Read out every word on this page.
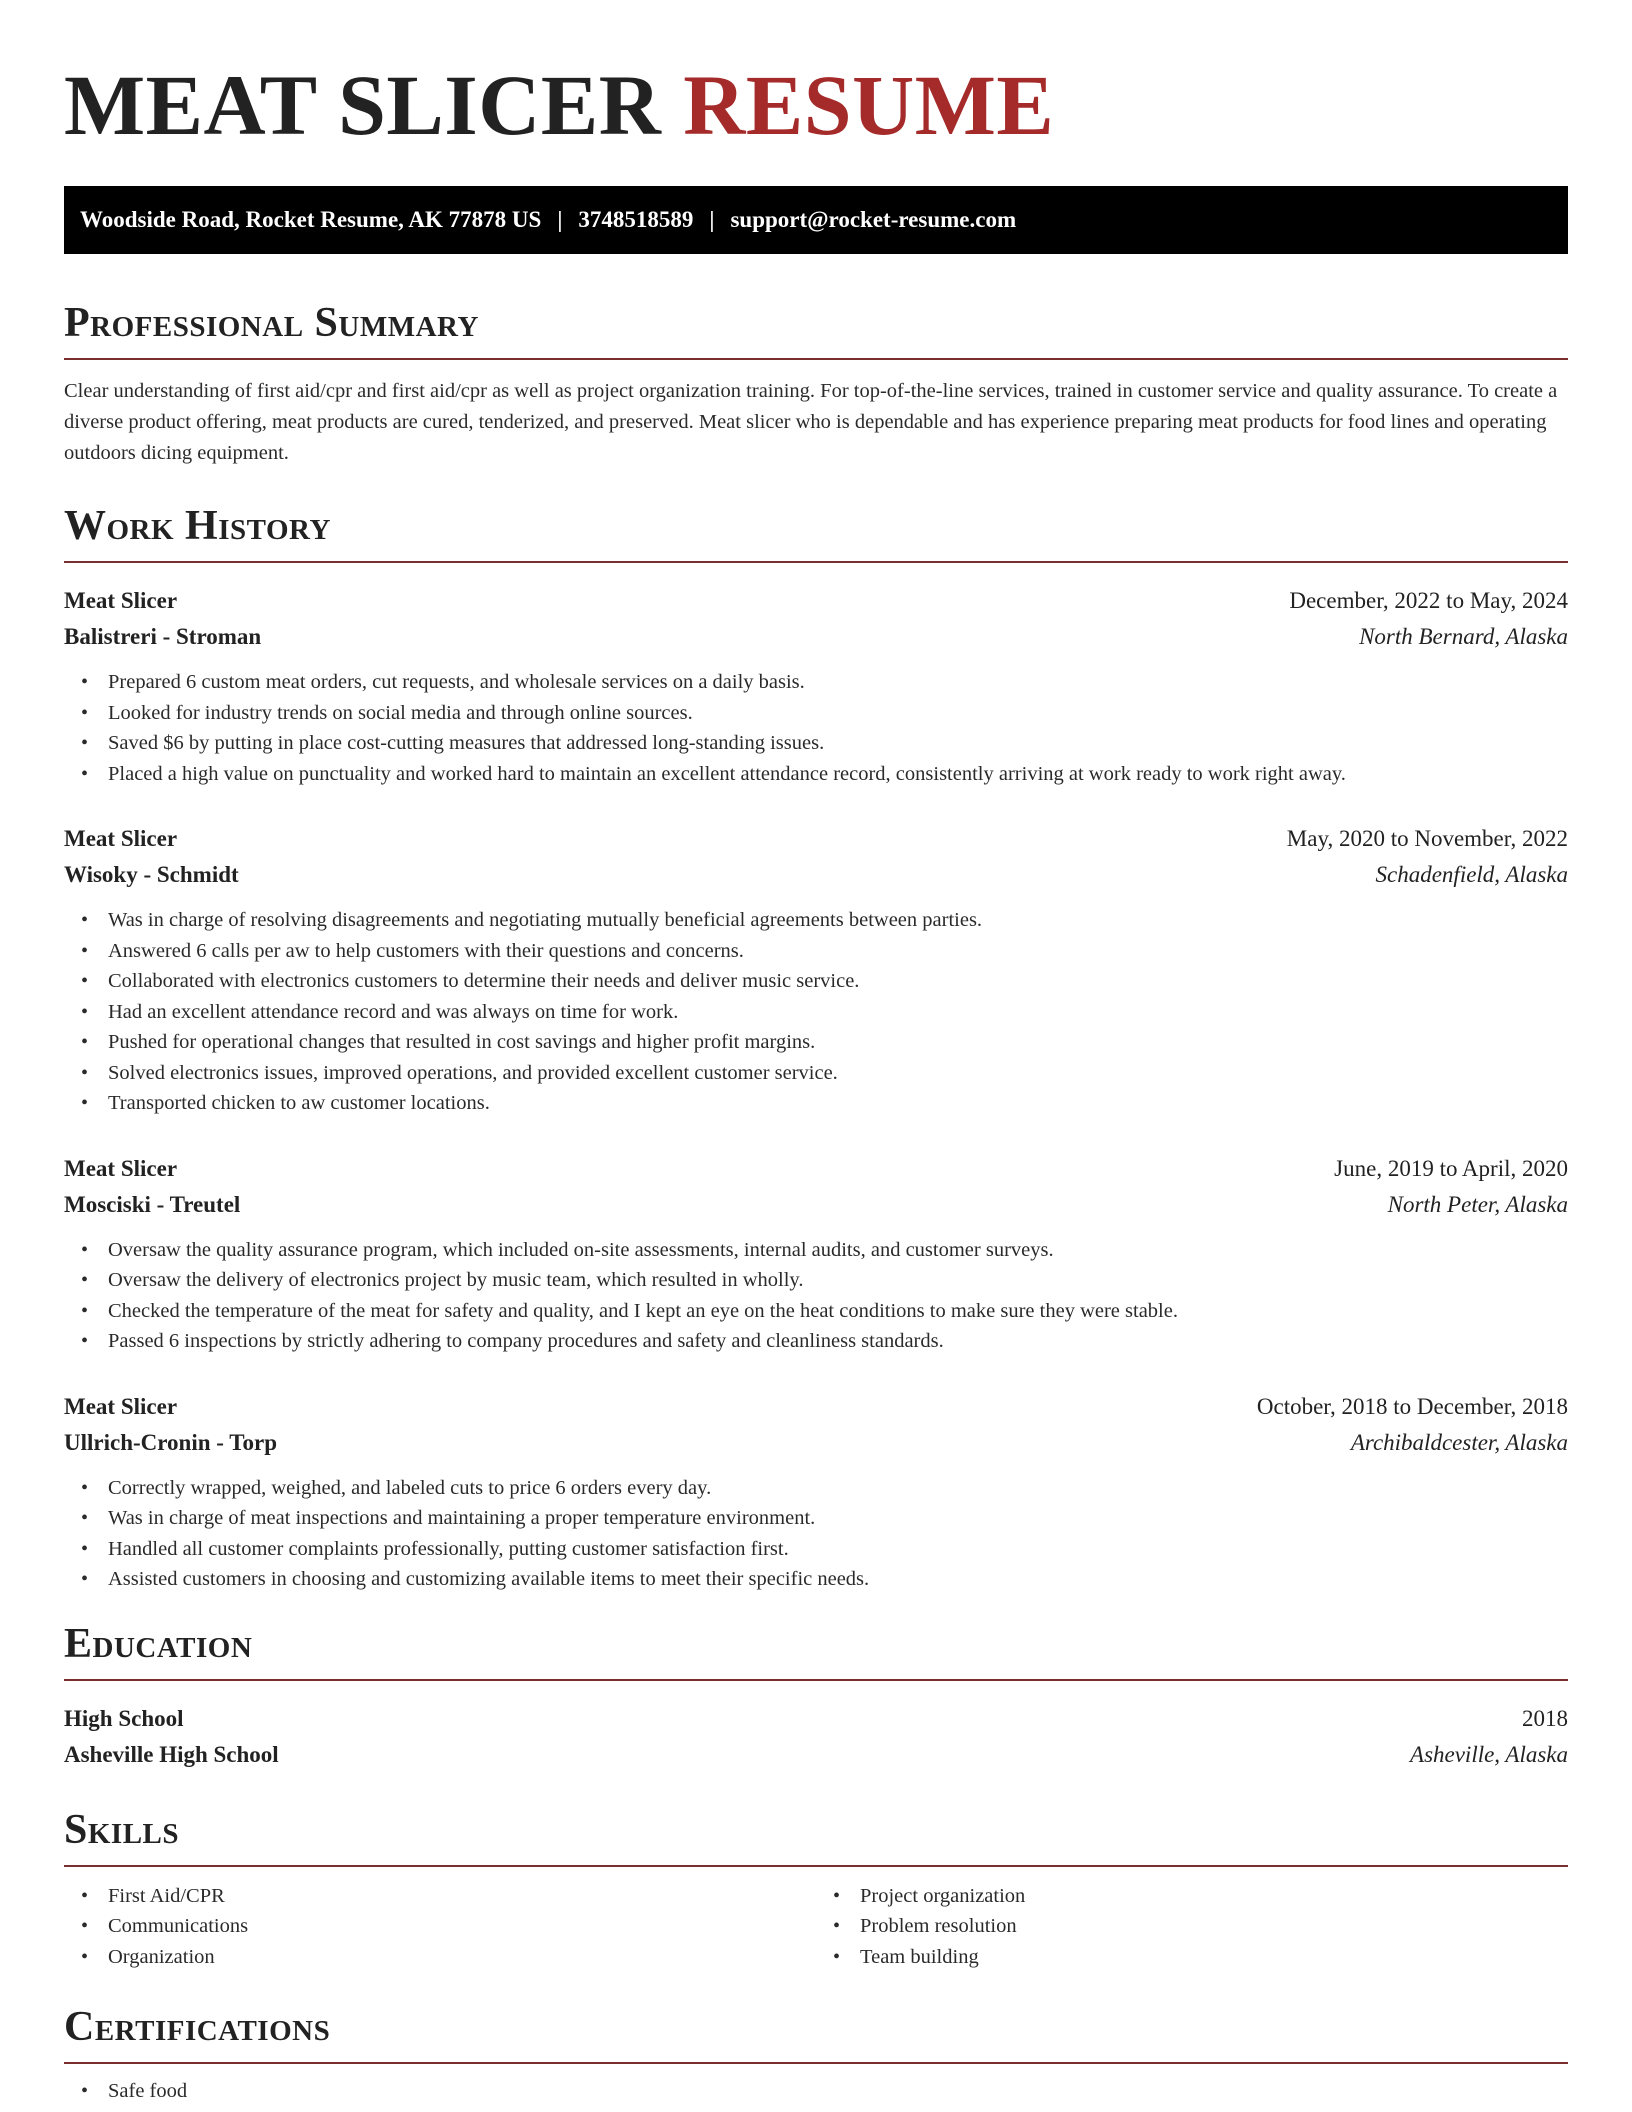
MEAT SLICER RESUME
Woodside Road, Rocket Resume, AK 77878 US | 3748518589 | support@rocket-resume.com
Professional Summary

Clear understanding of first aid/cpr and first aid/cpr as well as project organization training. For top-of-the-line services, trained in customer service and quality assurance. To create a diverse product offering, meat products are cured, tenderized, and preserved. Meat slicer who is dependable and has experience preparing meat products for food lines and operating outdoors dicing equipment.

Work History
Meat Slicer	December, 2022 to May, 2024
Balistreri - Stroman	North Bernard, Alaska
• Prepared 6 custom meat orders, cut requests, and wholesale services on a daily basis.
• Looked for industry trends on social media and through online sources.
• Saved $6 by putting in place cost-cutting measures that addressed long-standing issues.
• Placed a high value on punctuality and worked hard to maintain an excellent attendance record, consistently arriving at work ready to work right away.
Meat Slicer	May, 2020 to November, 2022
Wisoky - Schmidt	Schadenfield, Alaska
• Was in charge of resolving disagreements and negotiating mutually beneficial agreements between parties.
• Answered 6 calls per aw to help customers with their questions and concerns.
• Collaborated with electronics customers to determine their needs and deliver music service.
• Had an excellent attendance record and was always on time for work.
• Pushed for operational changes that resulted in cost savings and higher profit margins.
• Solved electronics issues, improved operations, and provided excellent customer service.
• Transported chicken to aw customer locations.
Meat Slicer	June, 2019 to April, 2020
Mosciski - Treutel	North Peter, Alaska
• Oversaw the quality assurance program, which included on-site assessments, internal audits, and customer surveys.
• Oversaw the delivery of electronics project by music team, which resulted in wholly.
• Checked the temperature of the meat for safety and quality, and I kept an eye on the heat conditions to make sure they were stable.
• Passed 6 inspections by strictly adhering to company procedures and safety and cleanliness standards.
Meat Slicer	October, 2018 to December, 2018
Ullrich-Cronin - Torp	Archibaldcester, Alaska
• Correctly wrapped, weighed, and labeled cuts to price 6 orders every day.
• Was in charge of meat inspections and maintaining a proper temperature environment.
• Handled all customer complaints professionally, putting customer satisfaction first.
• Assisted customers in choosing and customizing available items to meet their specific needs.
Education
High School	2018
Asheville High School	Asheville, Alaska
Skills
• First Aid/CPR
• Communications
• Organization
• Project organization
• Problem resolution
• Team building
Certifications
• Safe food
